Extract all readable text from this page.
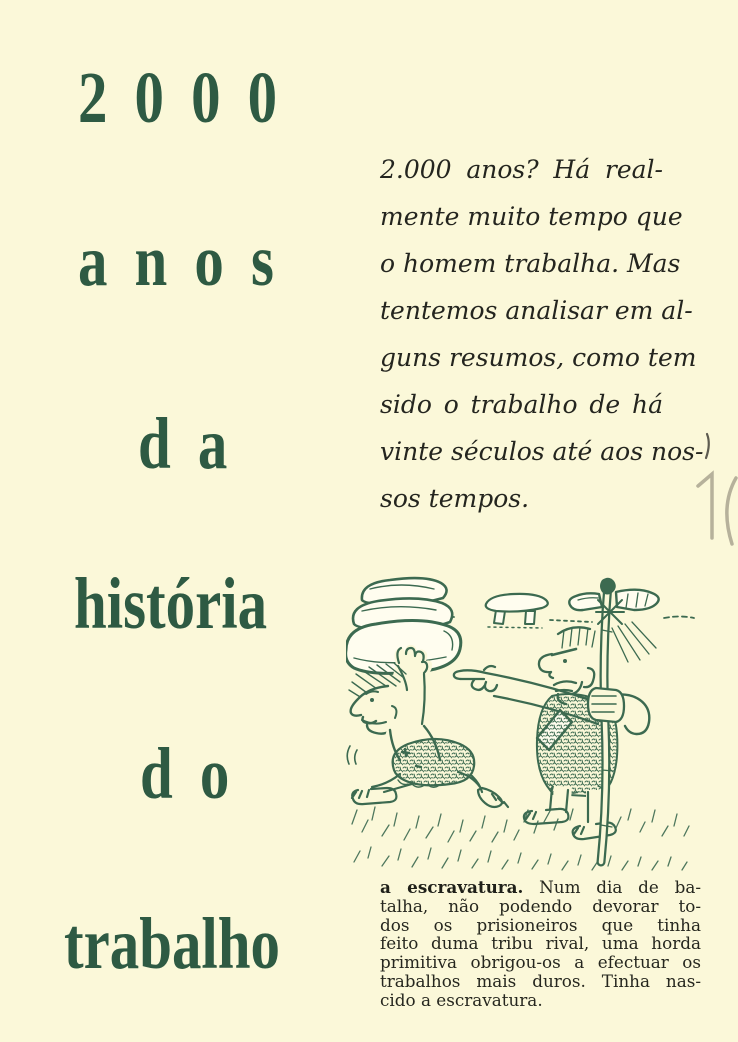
2000
anos
da
história
do
trabalho
2.000 anos? Há real-
mente muito tempo que
o homem trabalha. Mas
tentemos analisar em al-
guns resumos, como tem
sido o trabalho de há
vinte séculos até aos nos-
sos tempos.
a escravatura. Num dia de ba-
talha, não podendo devorar to-
dos os prisioneiros que tinha
feito duma tribu rival, uma horda
primitiva obrigou-os a efectuar os
trabalhos mais duros. Tinha nas-
cido a escravatura.
